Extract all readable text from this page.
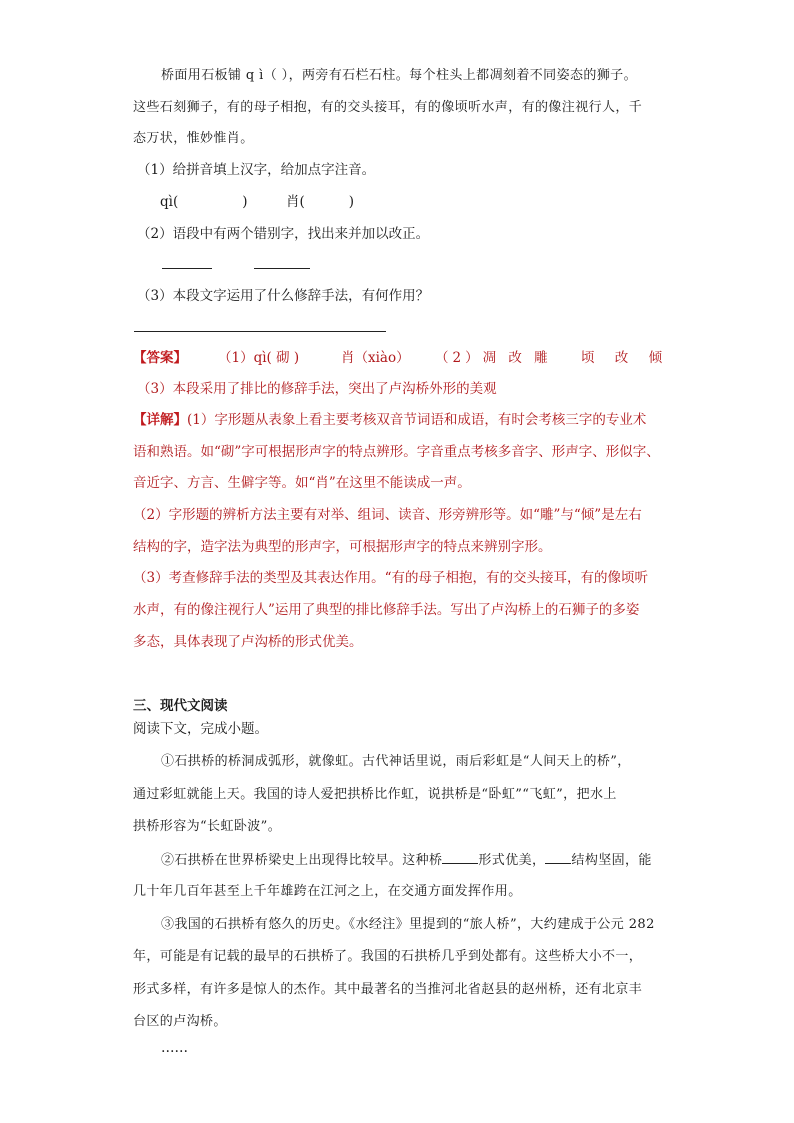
桥面用石板铺 q ì（ ），两旁有石栏石柱。每个柱头上都凋刻着不同姿态的狮子。
这些石刻狮子，有的母子相抱，有的交头接耳，有的像顷听水声，有的像注视行人，千
态万状，惟妙惟肖。
（1）给拼音填上汉字，给加点字注音。
qì(	)	肖(	)
（2）语段中有两个错别字，找出来并加以改正。
（3）本段文字运用了什么修辞手法，有何作用？
【答案】 （1）qì( 砌 )	肖（xiào） （2）凋 改 雕 顷 改 倾
（3）本段采用了排比的修辞手法，突出了卢沟桥外形的美观
【详解】(1）字形题从表象上看主要考核双音节词语和成语，有时会考核三字的专业术
语和熟语。如“砌”字可根据形声字的特点辨形。字音重点考核多音字、形声字、形似字、
音近字、方言、生僻字等。如“肖”在这里不能读成一声。
（2）字形题的辨析方法主要有对举、组词、读音、形旁辨形等。如“雕”与“倾”是左右
结构的字，造字法为典型的形声字，可根据形声字的特点来辨别字形。
（3）考查修辞手法的类型及其表达作用。“有的母子相抱，有的交头接耳，有的像顷听
水声，有的像注视行人”运用了典型的排比修辞手法。写出了卢沟桥上的石狮子的多姿
多态，具体表现了卢沟桥的形式优美。
三、现代文阅读
阅读下文，完成小题。
①石拱桥的桥洞成弧形，就像虹。古代神话里说，雨后彩虹是“人间天上的桥”，
通过彩虹就能上天。我国的诗人爱把拱桥比作虹，说拱桥是“卧虹”“飞虹”，把水上
拱桥形容为“长虹卧波”。
②石拱桥在世界桥梁史上出现得比较早。这种桥	形式优美， 结构坚固，能
几十年几百年甚至上千年雄跨在江河之上，在交通方面发挥作用。
③我国的石拱桥有悠久的历史。《水经注》里提到的“旅人桥”，大约建成于公元 282
年，可能是有记载的最早的石拱桥了。我国的石拱桥几乎到处都有。这些桥大小不一，
形式多样，有许多是惊人的杰作。其中最著名的当推河北省赵县的赵州桥，还有北京丰
台区的卢沟桥。
……
